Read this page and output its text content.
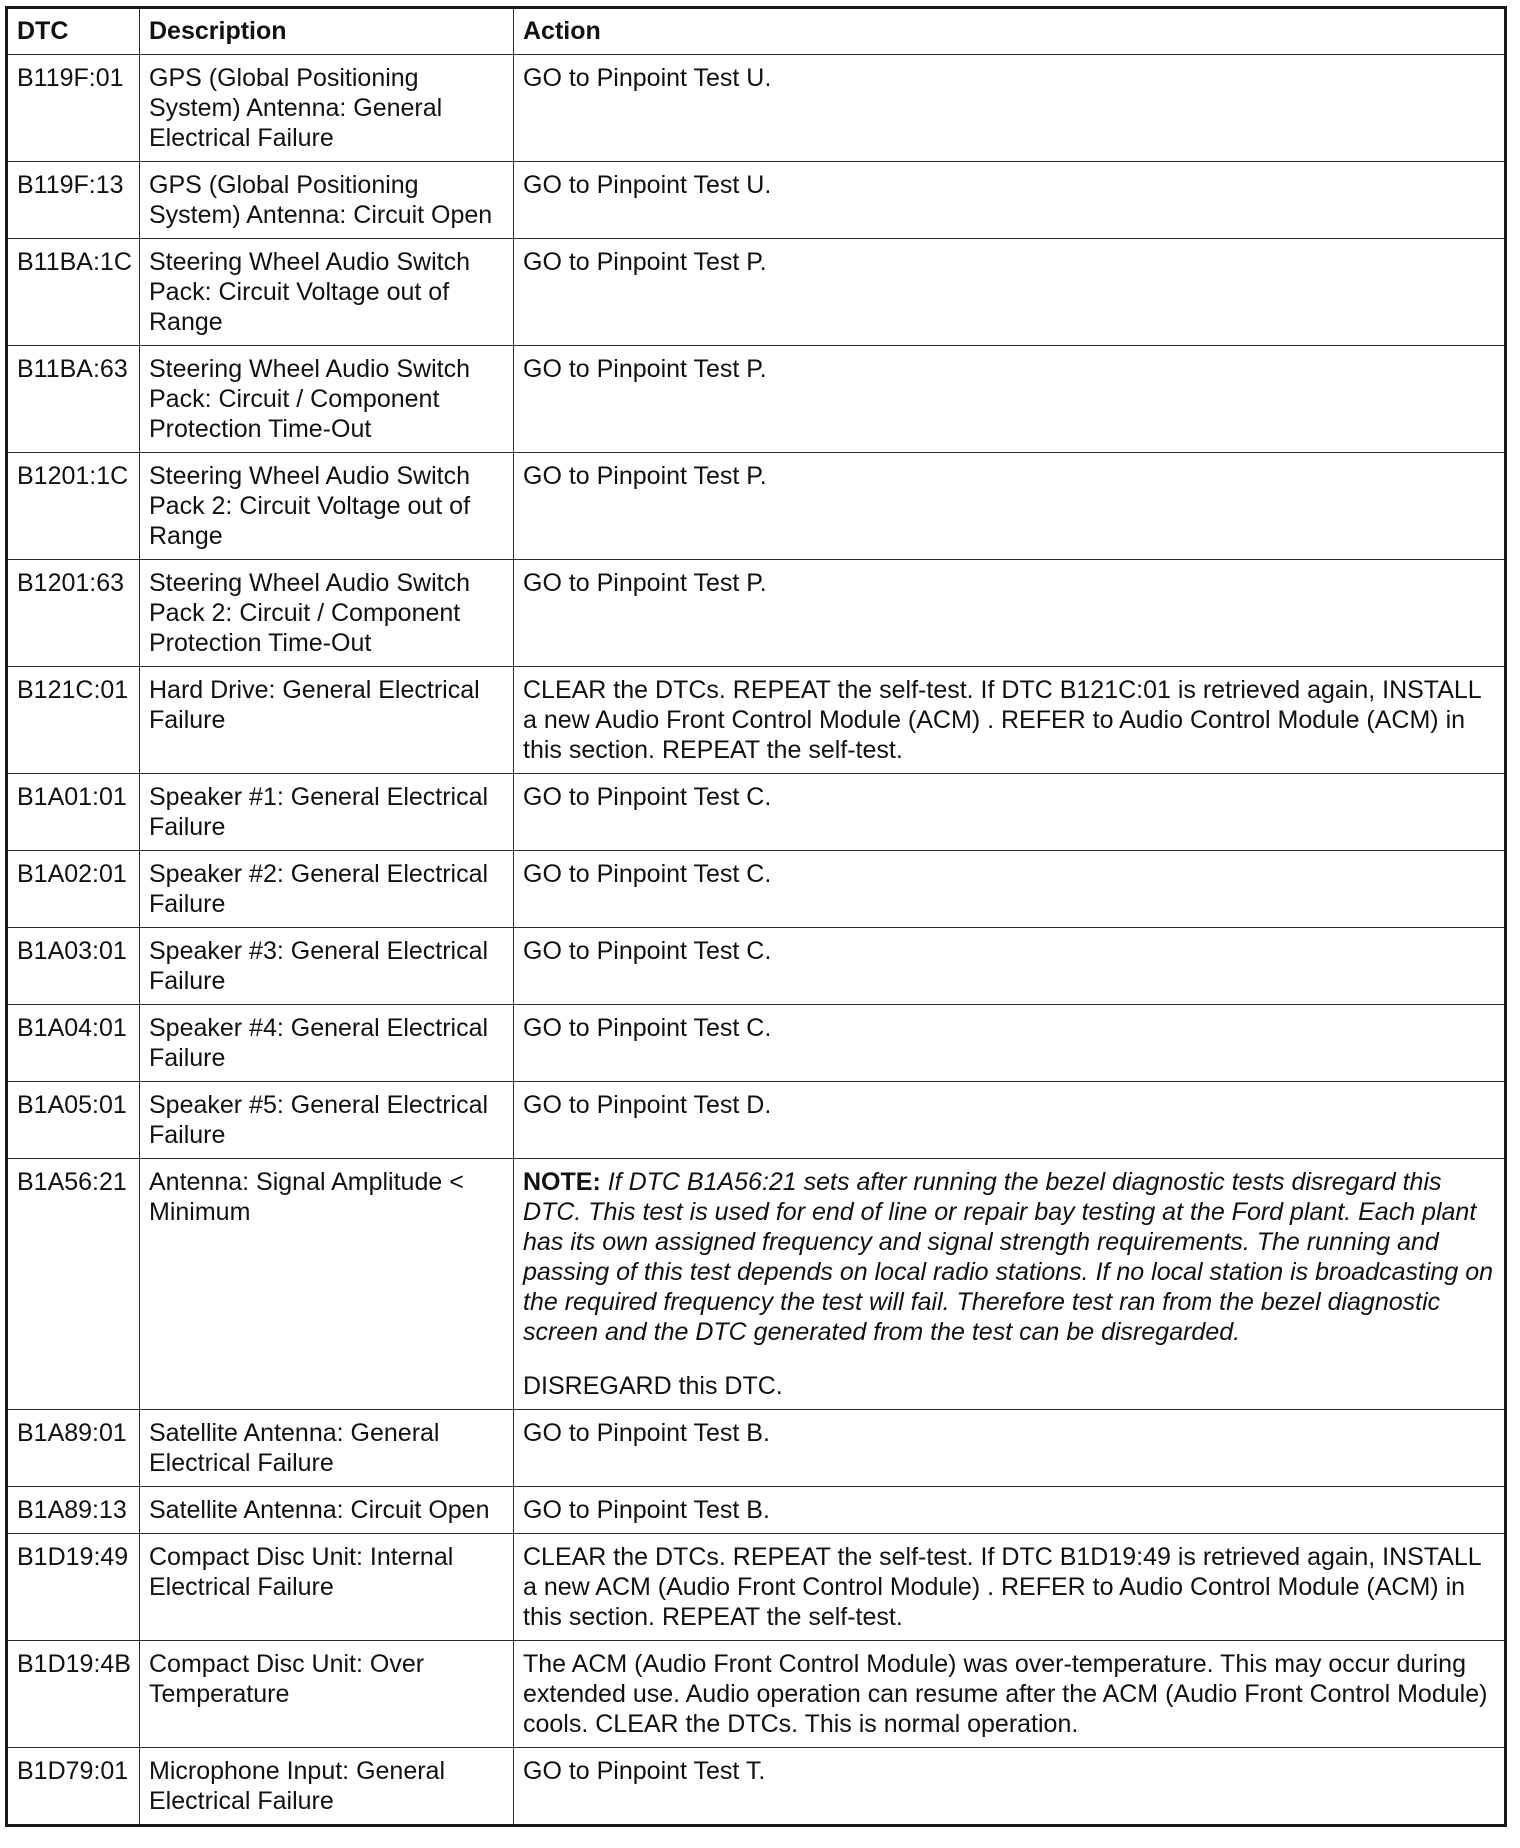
DTC	Description	Action
B119F:01	GPS (Global Positioning System) Antenna: General Electrical Failure	GO to Pinpoint Test U.
B119F:13	GPS (Global Positioning System) Antenna: Circuit Open	GO to Pinpoint Test U.
B11BA:1C	Steering Wheel Audio Switch Pack: Circuit Voltage out of Range	GO to Pinpoint Test P.
B11BA:63	Steering Wheel Audio Switch Pack: Circuit / Component Protection Time-Out	GO to Pinpoint Test P.
B1201:1C	Steering Wheel Audio Switch Pack 2: Circuit Voltage out of Range	GO to Pinpoint Test P.
B1201:63	Steering Wheel Audio Switch Pack 2: Circuit / Component Protection Time-Out	GO to Pinpoint Test P.
B121C:01	Hard Drive: General Electrical Failure	CLEAR the DTCs. REPEAT the self-test. If DTC B121C:01 is retrieved again, INSTALL a new Audio Front Control Module (ACM) . REFER to Audio Control Module (ACM) in this section. REPEAT the self-test.
B1A01:01	Speaker #1: General Electrical Failure	GO to Pinpoint Test C.
B1A02:01	Speaker #2: General Electrical Failure	GO to Pinpoint Test C.
B1A03:01	Speaker #3: General Electrical Failure	GO to Pinpoint Test C.
B1A04:01	Speaker #4: General Electrical Failure	GO to Pinpoint Test C.
B1A05:01	Speaker #5: General Electrical Failure	GO to Pinpoint Test D.
B1A56:21	Antenna: Signal Amplitude < Minimum	NOTE: If DTC B1A56:21 sets after running the bezel diagnostic tests disregard this DTC. This test is used for end of line or repair bay testing at the Ford plant. Each plant has its own assigned frequency and signal strength requirements. The running and passing of this test depends on local radio stations. If no local station is broadcasting on the required frequency the test will fail. Therefore test ran from the bezel diagnostic screen and the DTC generated from the test can be disregarded.
DISREGARD this DTC.

B1A89:01	Satellite Antenna: General Electrical Failure	GO to Pinpoint Test B.
B1A89:13	Satellite Antenna: Circuit Open	GO to Pinpoint Test B.
B1D19:49	Compact Disc Unit: Internal Electrical Failure	CLEAR the DTCs. REPEAT the self-test. If DTC B1D19:49 is retrieved again, INSTALL a new ACM (Audio Front Control Module) . REFER to Audio Control Module (ACM) in this section. REPEAT the self-test.
B1D19:4B	Compact Disc Unit: Over Temperature	The ACM (Audio Front Control Module) was over-temperature. This may occur during extended use. Audio operation can resume after the ACM (Audio Front Control Module) cools. CLEAR the DTCs. This is normal operation.
B1D79:01	Microphone Input: General Electrical Failure	GO to Pinpoint Test T.
